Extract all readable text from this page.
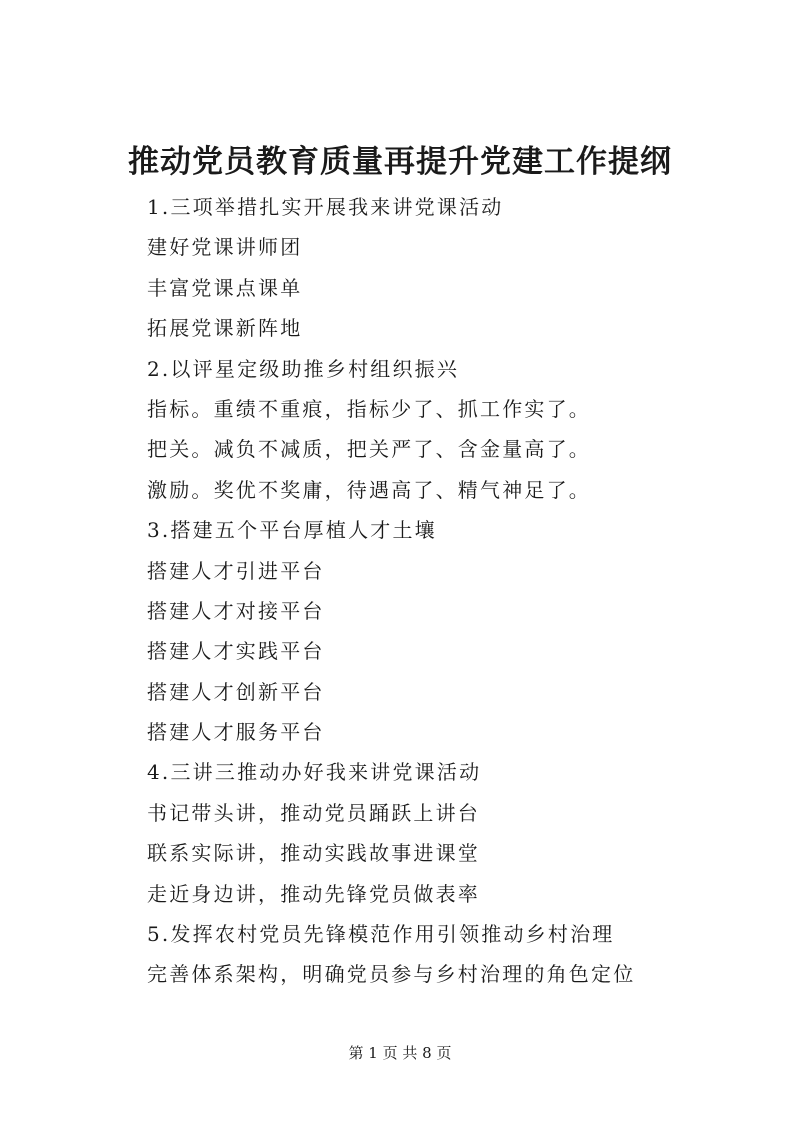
推动党员教育质量再提升党建工作提纲
1.三项举措扎实开展我来讲党课活动
建好党课讲师团
丰富党课点课单
拓展党课新阵地
2.以评星定级助推乡村组织振兴
指标。重绩不重痕，指标少了、抓工作实了。
把关。减负不减质，把关严了、含金量高了。
激励。奖优不奖庸，待遇高了、精气神足了。
3.搭建五个平台厚植人才土壤
搭建人才引进平台
搭建人才对接平台
搭建人才实践平台
搭建人才创新平台
搭建人才服务平台
4.三讲三推动办好我来讲党课活动
书记带头讲，推动党员踊跃上讲台
联系实际讲，推动实践故事进课堂
走近身边讲，推动先锋党员做表率
5.发挥农村党员先锋模范作用引领推动乡村治理
完善体系架构，明确党员参与乡村治理的角色定位
第 1 页 共 8 页
